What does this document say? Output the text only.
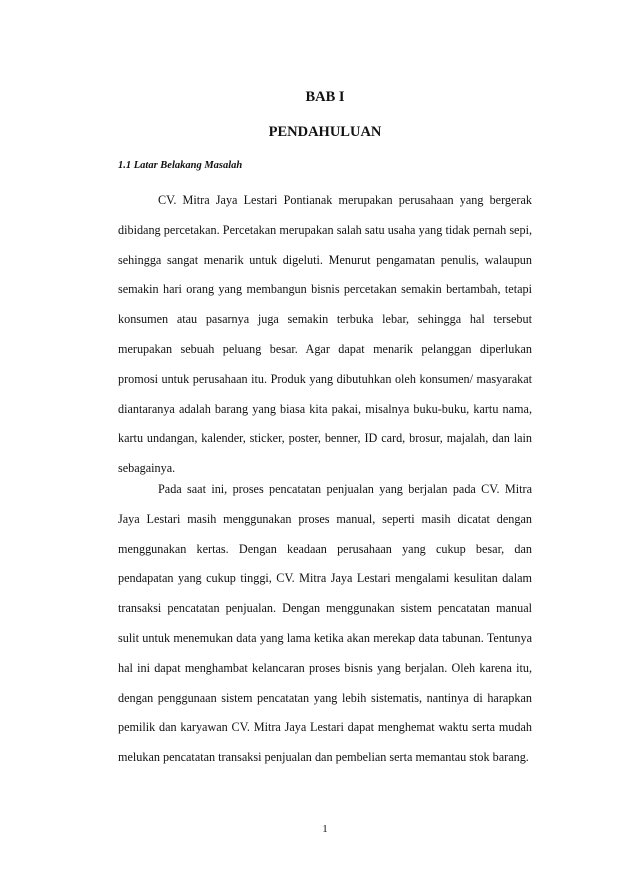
BAB I
PENDAHULUAN
1.1 Latar Belakang Masalah

CV. Mitra Jaya Lestari Pontianak merupakan perusahaan yang bergerak dibidang percetakan. Percetakan merupakan salah satu usaha yang tidak pernah sepi, sehingga sangat menarik untuk digeluti. Menurut pengamatan penulis, walaupun semakin hari orang yang membangun bisnis percetakan semakin bertambah, tetapi konsumen atau pasarnya juga semakin terbuka lebar, sehingga hal tersebut merupakan sebuah peluang besar. Agar dapat menarik pelanggan diperlukan promosi untuk perusahaan itu. Produk yang dibutuhkan oleh konsumen/ masyarakat diantaranya adalah barang yang biasa kita pakai, misalnya buku-buku, kartu nama, kartu undangan, kalender, sticker, poster, benner, ID card, brosur, majalah, dan lain sebagainya.

Pada saat ini, proses pencatatan penjualan yang berjalan pada CV. Mitra Jaya Lestari masih menggunakan proses manual, seperti masih dicatat dengan menggunakan kertas. Dengan keadaan perusahaan yang cukup besar, dan pendapatan yang cukup tinggi, CV. Mitra Jaya Lestari mengalami kesulitan dalam transaksi pencatatan penjualan. Dengan menggunakan sistem pencatatan manual sulit untuk menemukan data yang lama ketika akan merekap data tabunan. Tentunya hal ini dapat menghambat kelancaran proses bisnis yang berjalan. Oleh karena itu, dengan penggunaan sistem pencatatan yang lebih sistematis, nantinya di harapkan pemilik dan karyawan CV. Mitra Jaya Lestari dapat menghemat waktu serta mudah melukan pencatatan transaksi penjualan dan pembelian serta memantau stok barang.

1
